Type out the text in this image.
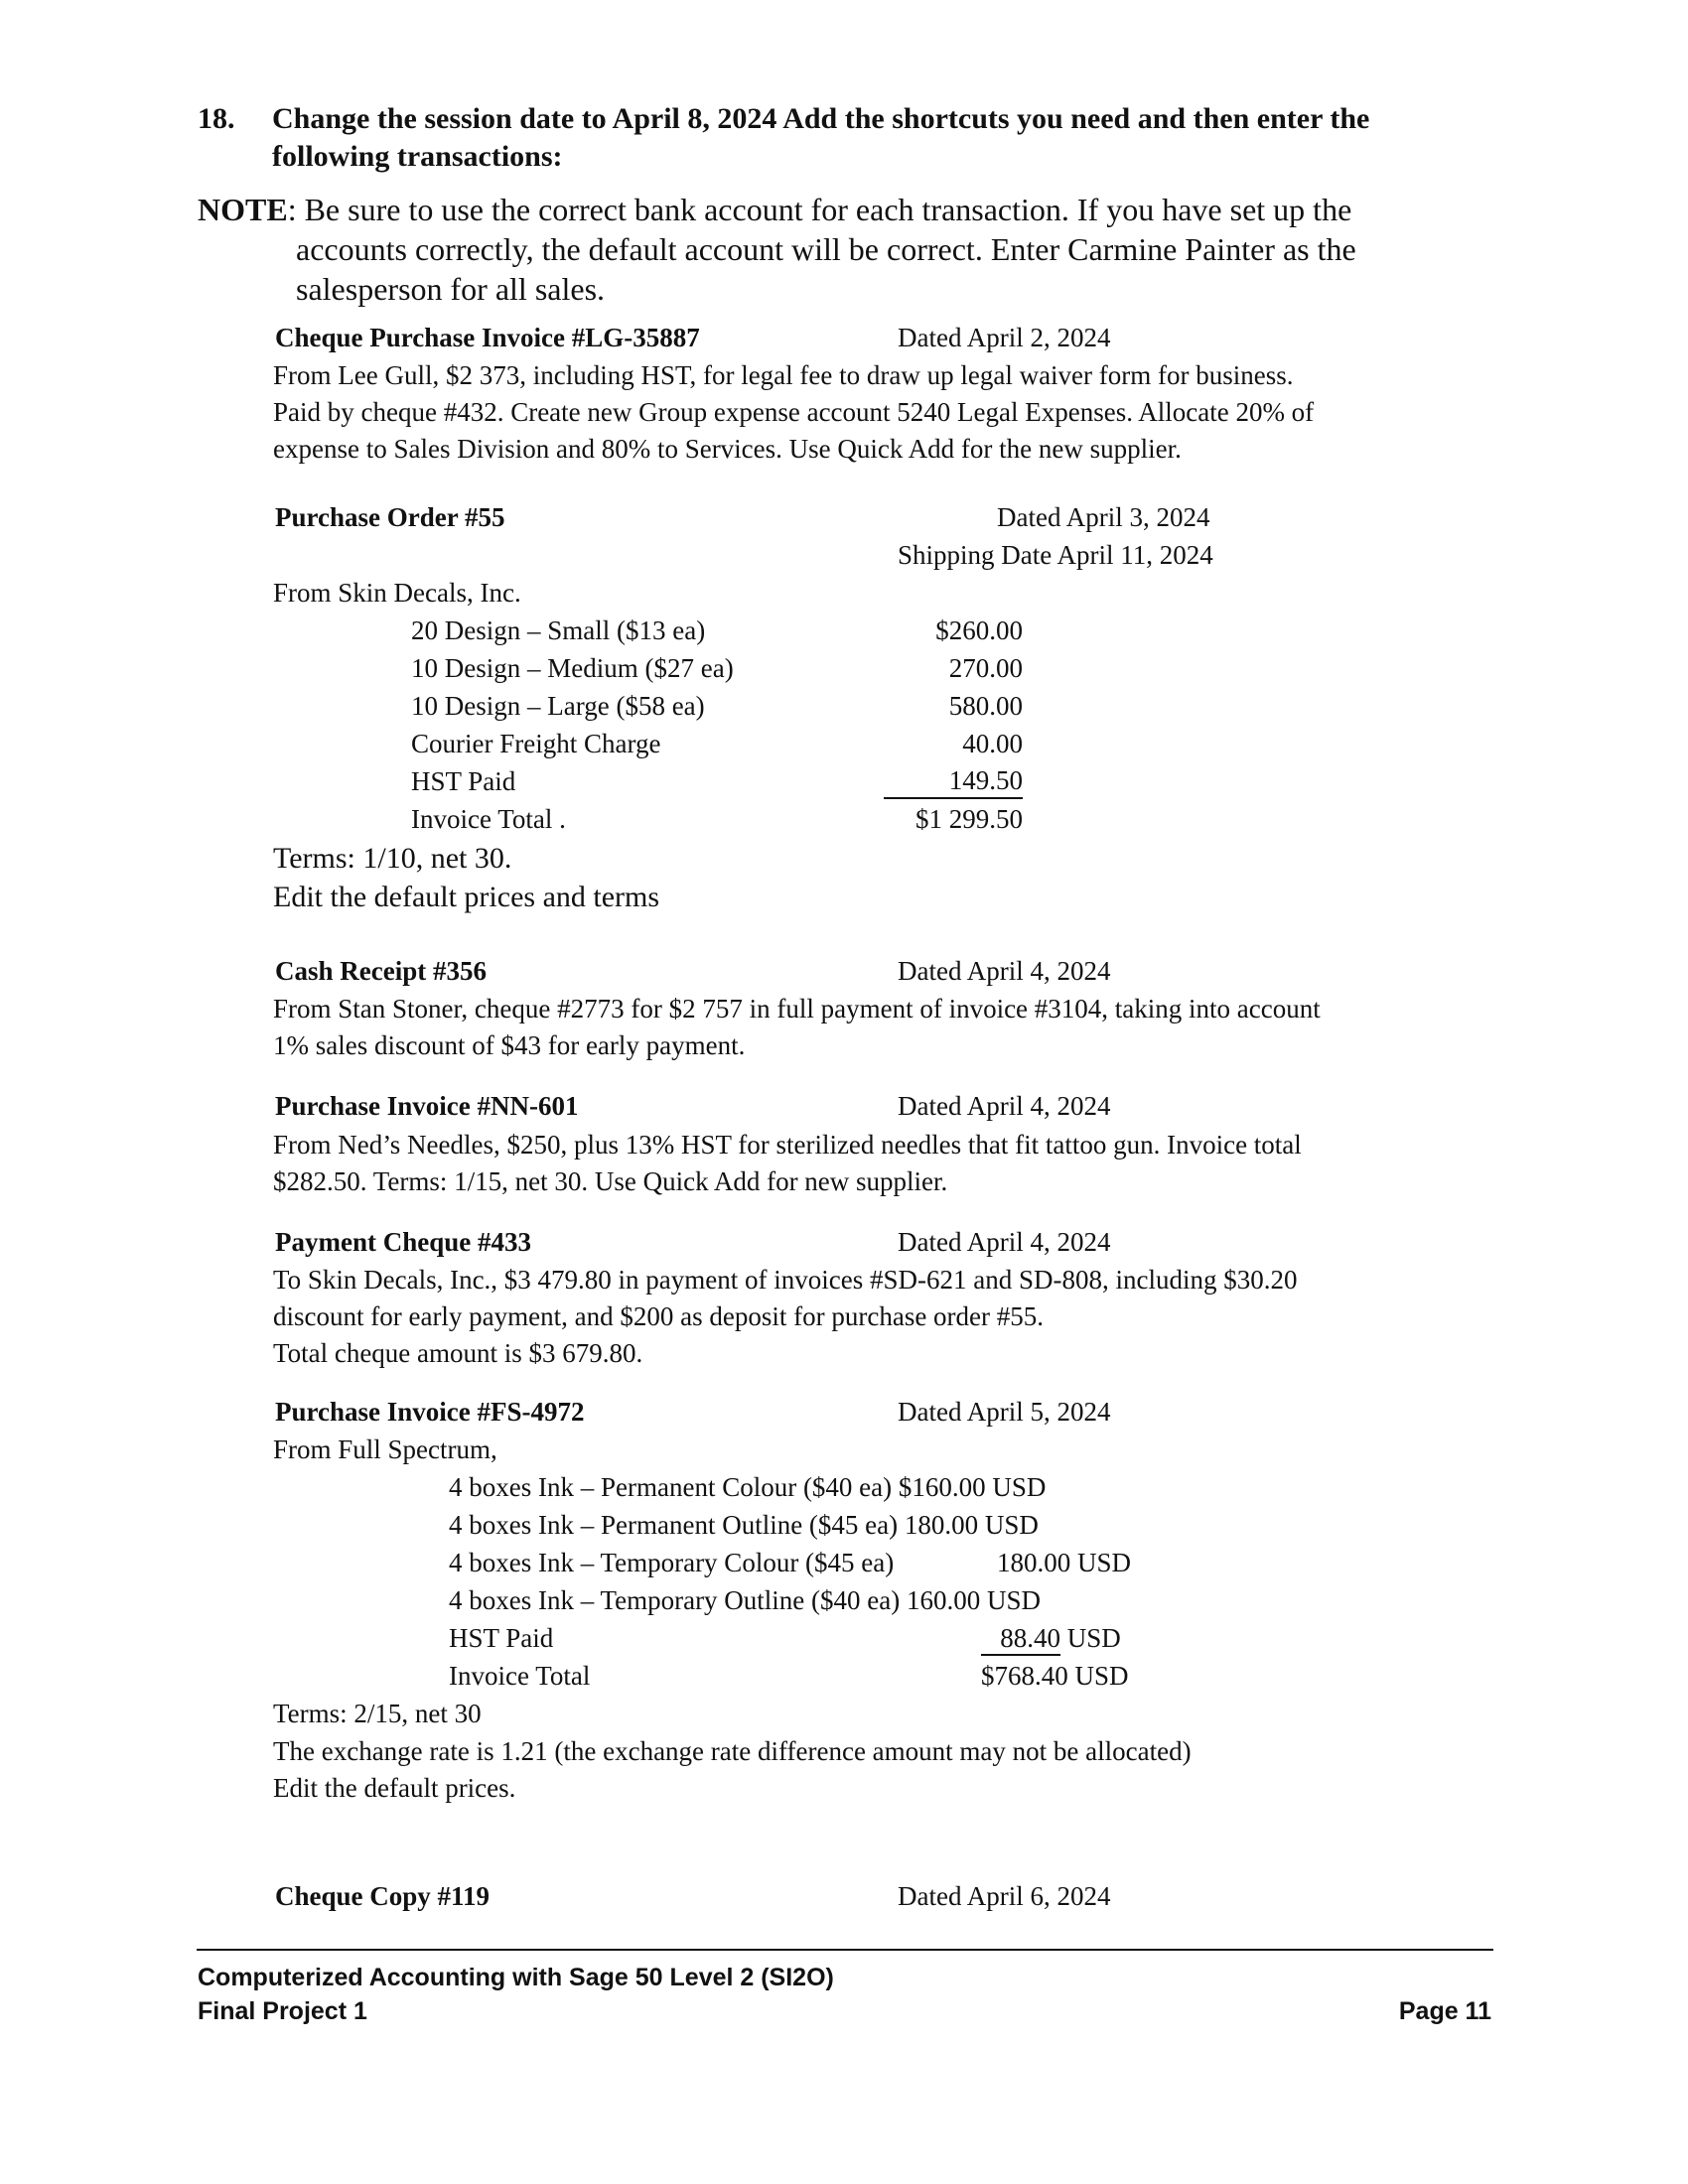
18. Change the session date to April 8, 2024 Add the shortcuts you need and then enter the
following transactions:
NOTE: Be sure to use the correct bank account for each transaction. If you have set up the
accounts correctly, the default account will be correct. Enter Carmine Painter as the
salesperson for all sales.
Cheque Purchase Invoice #LG-35887	Dated April 2, 2024
From Lee Gull, $2 373, including HST, for legal fee to draw up legal waiver form for business.
Paid by cheque #432. Create new Group expense account 5240 Legal Expenses. Allocate 20% of
expense to Sales Division and 80% to Services. Use Quick Add for the new supplier.
Purchase Order #55	Dated April 3, 2024
Shipping Date April 11, 2024
From Skin Decals, Inc.
20 Design – Small ($13 ea)	$260.00
10 Design – Medium ($27 ea)	270.00
10 Design – Large ($58 ea)	580.00
Courier Freight Charge	40.00
HST Paid	149.50
Invoice Total .	$1 299.50
Terms: 1/10, net 30.
Edit the default prices and terms
Cash Receipt #356	Dated April 4, 2024
From Stan Stoner, cheque #2773 for $2 757 in full payment of invoice #3104, taking into account
1% sales discount of $43 for early payment.
Purchase Invoice #NN-601	Dated April 4, 2024
From Ned’s Needles, $250, plus 13% HST for sterilized needles that fit tattoo gun. Invoice total
$282.50. Terms: 1/15, net 30. Use Quick Add for new supplier.
Payment Cheque #433	Dated April 4, 2024
To Skin Decals, Inc., $3 479.80 in payment of invoices #SD-621 and SD-808, including $30.20
discount for early payment, and $200 as deposit for purchase order #55.
Total cheque amount is $3 679.80.
Purchase Invoice #FS-4972	Dated April 5, 2024
From Full Spectrum,
4 boxes Ink – Permanent Colour ($40 ea) $160.00 USD
4 boxes Ink – Permanent Outline ($45 ea) 180.00 USD
4 boxes Ink – Temporary Colour ($45 ea)	180.00 USD
4 boxes Ink – Temporary Outline ($40 ea) 160.00 USD
HST Paid	88.40 USD
Invoice Total	$768.40 USD
Terms: 2/15, net 30
The exchange rate is 1.21 (the exchange rate difference amount may not be allocated)
Edit the default prices.
Cheque Copy #119	Dated April 6, 2024
Computerized Accounting with Sage 50 Level 2 (SI2O)
Final Project 1	Page 11
